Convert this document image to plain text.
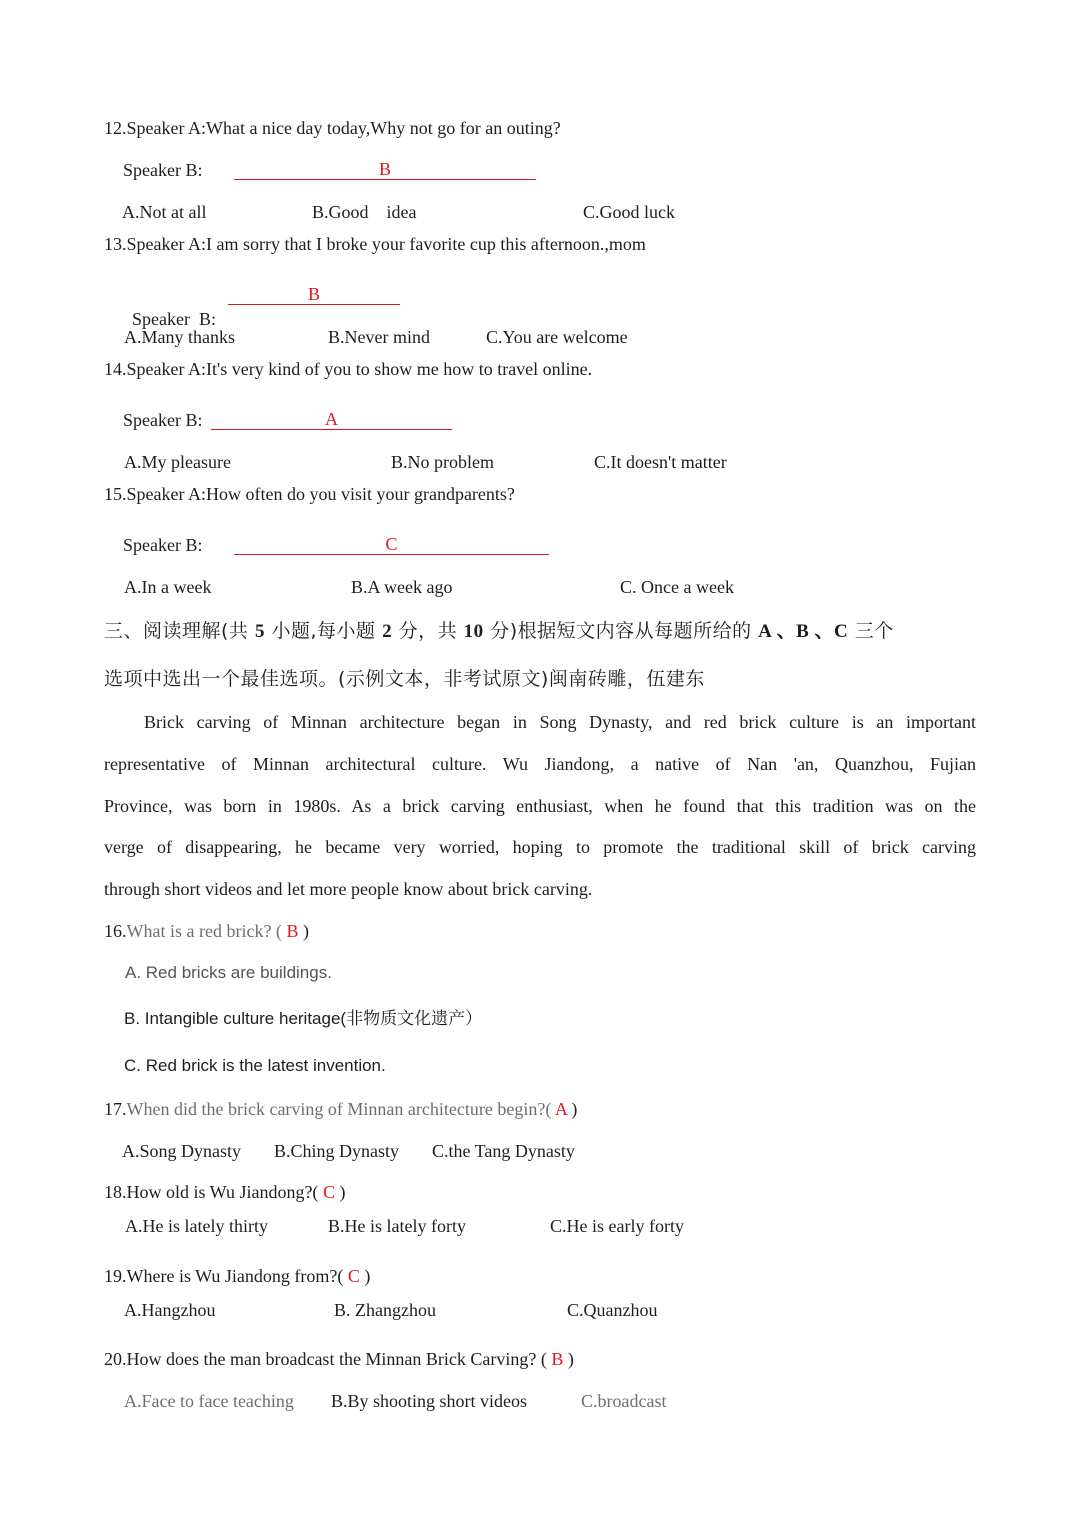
12.Speaker A:What a nice day today,Why not go for an outing?
Speaker B:	B
A.Not at all	B.Good　idea	C.Good luck
13.Speaker A:I am sorry that I broke your favorite cup this afternoon.,mom

Speaker  B:

B
A.Many thanks	B.Never mind	C.You are welcome
14.Speaker A:It's very kind of you to show me how to travel online.
Speaker B:	A
A.My pleasure	B.No problem	C.It doesn't matter
15.Speaker A:How often do you visit your grandparents?
Speaker B:	C
A.In a week	B.A week ago	C. Once a week
三、阅读理解(共 5 小题,每小题 2 分，共 10 分)根据短文内容从每题所给的 A 、B 、C 三个
选项中选出一个最佳选项。(示例文本，非考试原文)闽南砖雕，伍建东
Brick carving of Minnan architecture began in Song Dynasty, and red brick culture is an important
representative of Minnan architectural culture. Wu Jiandong, a native of Nan 'an, Quanzhou, Fujian
Province, was born in 1980s. As a brick carving enthusiast, when he found that this tradition was on the
verge of disappearing, he became very worried, hoping to promote the traditional skill of brick carving
through short videos and let more people know about brick carving.
16.What is a red brick? ( B )
A. Red bricks are buildings.
B. Intangible culture heritage(非物质文化遗产）
C. Red brick is the latest invention.
17.When did the brick carving of Minnan architecture begin?( A )
A.Song Dynasty B.Ching Dynasty C.the Tang Dynasty
18.How old is Wu Jiandong?( C )
A.He is lately thirty	B.He is lately forty	C.He is early forty
19.Where is Wu Jiandong from?( C )
A.Hangzhou	B. Zhangzhou	C.Quanzhou
20.How does the man broadcast the Minnan Brick Carving? ( B )
A.Face to face teaching B.By shooting short videos	C.broadcast
